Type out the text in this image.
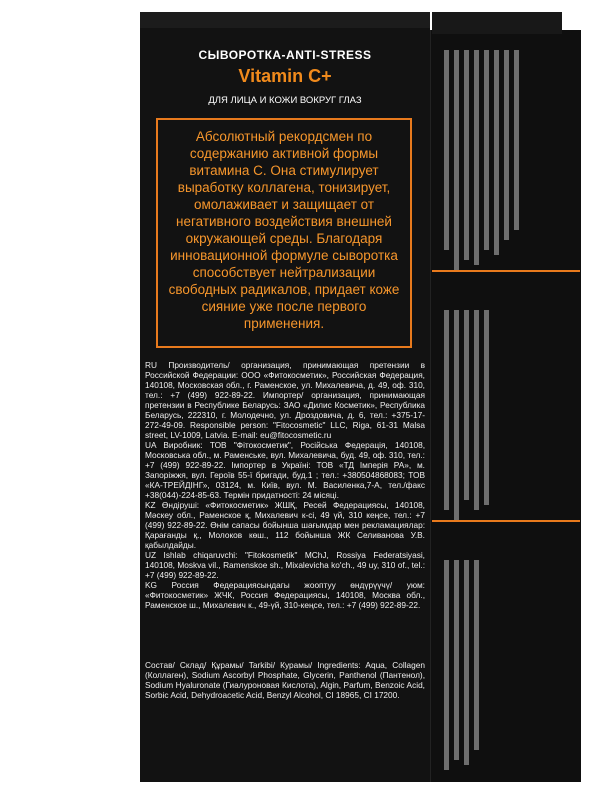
СЫВОРОТКА-ANTI-STRESS
Vitamin C+
ДЛЯ ЛИЦА И КОЖИ ВОКРУГ ГЛАЗ
Абсолютный рекордсмен по содержанию активной формы витамина С. Она стимулирует выработку коллагена, тонизирует, омолаживает и защищает от негативного воздействия внешней окружающей среды. Благодаря инновационной формуле сыворотка способствует нейтрализации свободных радикалов, придает коже сияние уже после первого применения.

RU Производитель/ организация, принимающая претензии в Российской Федерации: ООО «Фитокосметик», Российская Федерация, 140108, Московская обл., г. Раменское, ул. Михалевича, д. 49, оф. 310, тел.: +7 (499) 922-89-22. Импортер/ организация, принимающая претензии в Республике Беларусь: ЗАО «Дилис Косметик», Республика Беларусь, 222310, г. Молодечно, ул. Дроздовича, д. 6, тел.: +375-17-272-49-09. Responsible person: "Fitocosmetic" LLC, Riga, 61-31 Malsa street, LV-1009, Latvia. E-mail: eu@fitocosmetic.ru

UA Виробник: ТОВ "Фітокосметик", Російська Федерація, 140108, Московська обл., м. Раменське, вул. Михалевича, буд. 49, оф. 310, тел.: +7 (499) 922-89-22. Імпортер в Україні: ТОВ «ТД Імперія РА», м. Запоріжжя, вул. Героїв 55-ї бригади, буд.1 ; тел.: +380504868083; ТОВ «КА-ТРЕЙДІНГ», 03124, м. Київ, вул. М. Василенка,7-А, тел./факс +38(044)-224-85-63. Термін придатності: 24 місяці.

KZ Өндіруші: «Фитокосметик» ЖШҚ, Ресей Федерациясы, 140108, Мәскеу обл., Раменское қ, Михалевич к-сі, 49 үй, 310 кеңсе, тел.: +7 (499) 922-89-22. Өнім сапасы бойынша шағымдар мен рекламациялар: Қарағанды қ., Молоков көш., 112 бойынша ЖК Селиванова У.В. қабылдайды.

UZ Ishlab chiqaruvchi: "Fitokosmetik" MChJ, Rossiya Federatsiyasi, 140108, Moskva vil., Ramenskoe sh., Mixalevicha ko'ch., 49 uy, 310 of., tel.: +7 (499) 922-89-22.

KG Россия Федерациясындагы жооптуу өндүрүүчү/ уюм: «Фитокосметик» ЖЧК, Россия Федерациясы, 140108, Москва обл., Раменское ш., Михалевич к., 49-үй, 310-кеңсе, тел.: +7 (499) 922-89-22.

Состав/ Склад/ Құрамы/ Tarkibi/ Курамы/ Ingredients: Aqua, Collagen (Коллаген), Sodium Ascorbyl Phosphate, Glycerin, Panthenol (Пантенол), Sodium Hyaluronate (Гиалуроновая Кислота), Algin, Parfum, Benzoic Acid, Sorbic Acid, Dehydroacetic Acid, Benzyl Alcohol, CI 18965, CI 17200.
